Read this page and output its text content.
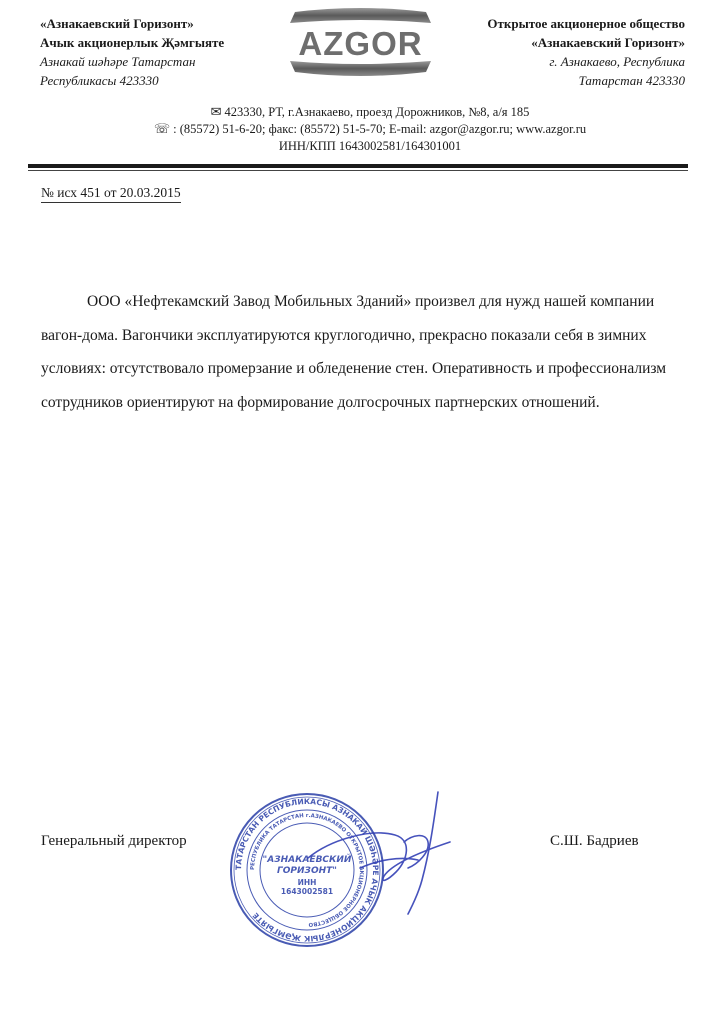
«Азнакаевский Горизонт»
Ачык акционерлык Җәмгыяте
Азнакай шәһәре Татарстан
Республикасы 423330
AZGOR
Открытое акционерное общество
«Азнакаевский Горизонт»
г. Азнакаево, Республика
Татарстан 423330
✉ 423330, РТ, г.Азнакаево, проезд Дорожников, №8, а/я 185
☏ : (85572) 51-6-20; факс: (85572) 51-5-70; E-mail: azgor@azgor.ru; www.azgor.ru
ИНН/КПП 1643002581/164301001
№ исх 451 от 20.03.2015

ООО «Нефтекамский Завод Мобильных Зданий» произвел для нужд нашей компании вагон-дома. Вагончики эксплуатируются круглогодично, прекрасно показали себя в зимних условиях: отсутствовало промерзание и обледенение стен. Оперативность и профессионализм сотрудников ориентируют на формирование долгосрочных партнерских отношений.

Генеральный директор
ТАТАРСТАН РЕСПУБЛИКАСЫ АЗНАКАЙ ШӘҺӘРЕ АЧЫК АКЦИОНЕРЛЫК ҖӘМГЫЯТЕ
РЕСПУБЛИКА ТАТАРСТАН г.АЗНАКАЕВО ОТКРЫТОЕ АКЦИОНЕРНОЕ ОБЩЕСТВО
"АЗНАКАЕВСКИЙ
ГОРИЗОНТ"
ИНН
1643002581
С.Ш. Бадриев
